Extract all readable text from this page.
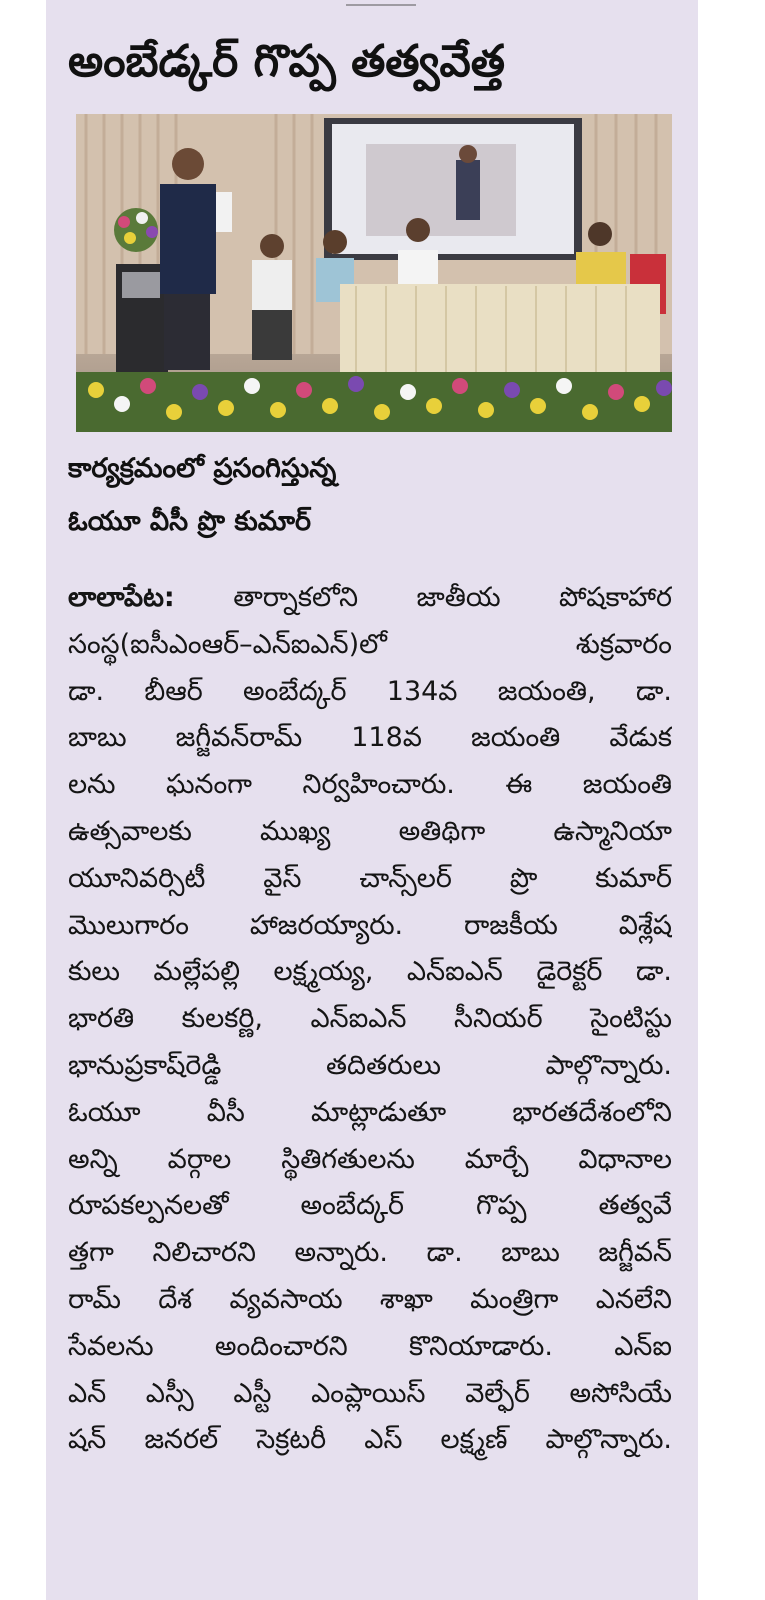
అంబేడ్కర్ గొప్ప తత్వవేత్త
కార్యక్రమంలో ప్రసంగిస్తున్న
ఓయూ వీసీ ప్రొ కుమార్
లాలాపేట: తార్నాకలోని జాతీయ పోషకాహార
సంస్థ(ఐసీఎంఆర్–ఎన్ఐఎన్)లో శుక్రవారం
డా. బీఆర్ అంబేద్కర్ 134వ జయంతి, డా.
బాబు జగ్జీవన్‌రామ్ 118వ జయంతి వేడుక
లను ఘనంగా నిర్వహించారు. ఈ జయంతి
ఉత్సవాలకు ముఖ్య అతిథిగా ఉస్మానియా
యూనివర్సిటీ వైస్ చాన్స్‌లర్ ప్రొ కుమార్
మొలుగారం హాజరయ్యారు. రాజకీయ విశ్లేష
కులు మల్లేపల్లి లక్ష్మయ్య, ఎన్ఐఎన్ డైరెక్టర్ డా.
భారతి కులకర్ణి, ఎన్ఐఎన్ సీనియర్ సైంటిస్టు
భానుప్రకాష్‌రెడ్డి తదితరులు పాల్గొన్నారు.
ఓయూ వీసీ మాట్లాడుతూ భారతదేశంలోని
అన్ని వర్గాల స్థితిగతులను మార్చే విధానాల
రూపకల్పనలతో అంబేద్కర్ గొప్ప తత్వవే
త్తగా నిలిచారని అన్నారు. డా. బాబు జగ్జీవన్
రామ్ దేశ వ్యవసాయ శాఖా మంత్రిగా ఎనలేని
సేవలను అందించారని కొనియాడారు. ఎన్ఐ
ఎన్ ఎస్సీ ఎస్టీ ఎంప్లాయిస్ వెల్ఫేర్ అసోసియే
షన్ జనరల్ సెక్రటరీ ఎస్ లక్ష్మణ్ పాల్గొన్నారు.
